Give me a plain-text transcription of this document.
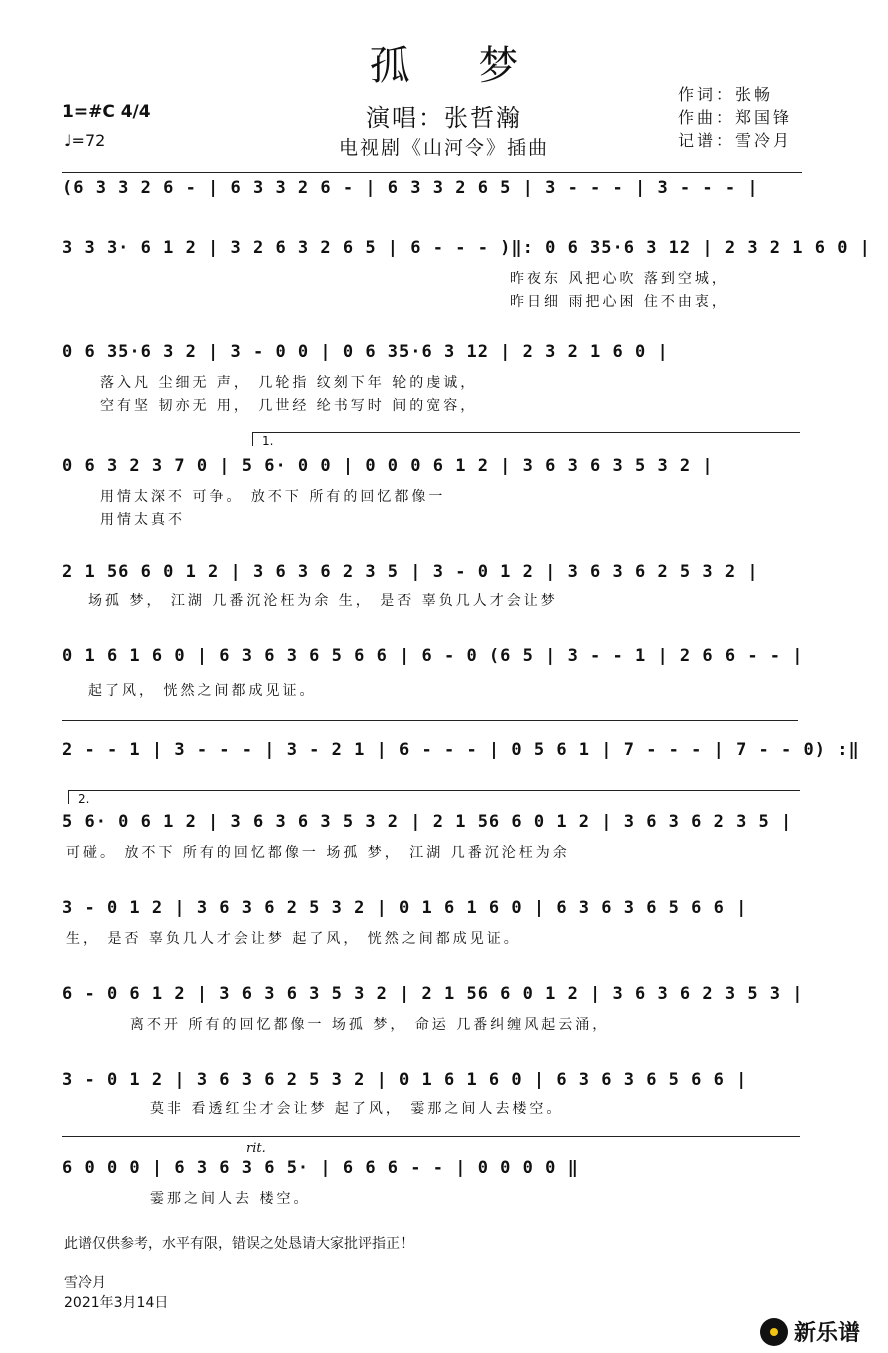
孤 梦
演唱：张哲瀚
电视剧《山河令》插曲
作词：张畅
作曲：郑国锋
记谱：雪冷月
1=#C 4/4
♩=72
(6 3 3 2 6 - | 6 3 3 2 6 - | 6 3 3 2 6 5 | 3 - - - | 3 - - - |
3 3 3· 6 1 2 | 3 2 6 3 2 6 5 | 6 - - - )‖: 0 6 35·6 3 12 | 2 3 2 1 6 0 |
昨夜东 风把心吹 落到空城，
昨日细 雨把心困 住不由衷，
0 6 35·6 3 2 | 3 - 0 0 | 0 6 35·6 3 12 | 2 3 2 1 6 0 |
落入凡 尘细无 声， 几轮指 纹刻下年 轮的虔诚，
空有坚 韧亦无 用， 几世经 纶书写时 间的宽容，
1.
0 6 3 2 3 7 0 | 5 6· 0 0 | 0 0 0 6 1 2 | 3 6 3 6 3 5 3 2 |
用情太深不 可争。 放不下 所有的回忆都像一
用情太真不
2 1 56 6 0 1 2 | 3 6 3 6 2 3 5 | 3 - 0 1 2 | 3 6 3 6 2 5 3 2 |
场孤 梦， 江湖 几番沉沦枉为余 生， 是否 辜负几人才会让梦
0 1 6 1 6 0 | 6 3 6 3 6 5 6 6 | 6 - 0 (6 5 | 3 - - 1 | 2 6 6 - - |
起了风， 恍然之间都成见证。
2 - - 1 | 3 - - - | 3 - 2 1 | 6 - - - | 0 5 6 1 | 7 - - - | 7 - - 0) :‖
2.
5 6· 0 6 1 2 | 3 6 3 6 3 5 3 2 | 2 1 56 6 0 1 2 | 3 6 3 6 2 3 5 |
可碰。 放不下 所有的回忆都像一 场孤 梦， 江湖 几番沉沦枉为余
3 - 0 1 2 | 3 6 3 6 2 5 3 2 | 0 1 6 1 6 0 | 6 3 6 3 6 5 6 6 |
生， 是否 辜负几人才会让梦 起了风， 恍然之间都成见证。
6 - 0 6 1 2 | 3 6 3 6 3 5 3 2 | 2 1 56 6 0 1 2 | 3 6 3 6 2 3 5 3 |
离不开 所有的回忆都像一 场孤 梦， 命运 几番纠缠风起云涌，
3 - 0 1 2 | 3 6 3 6 2 5 3 2 | 0 1 6 1 6 0 | 6 3 6 3 6 5 6 6 |
莫非 看透红尘才会让梦 起了风， 霎那之间人去楼空。
rit.
6 0 0 0 | 6 3 6 3 6 5· | 6 6 6 - - | 0 0 0 0 ‖
霎那之间人去 楼空。
此谱仅供参考，水平有限，错误之处恳请大家批评指正！
雪冷月
2021年3月14日
新乐谱
